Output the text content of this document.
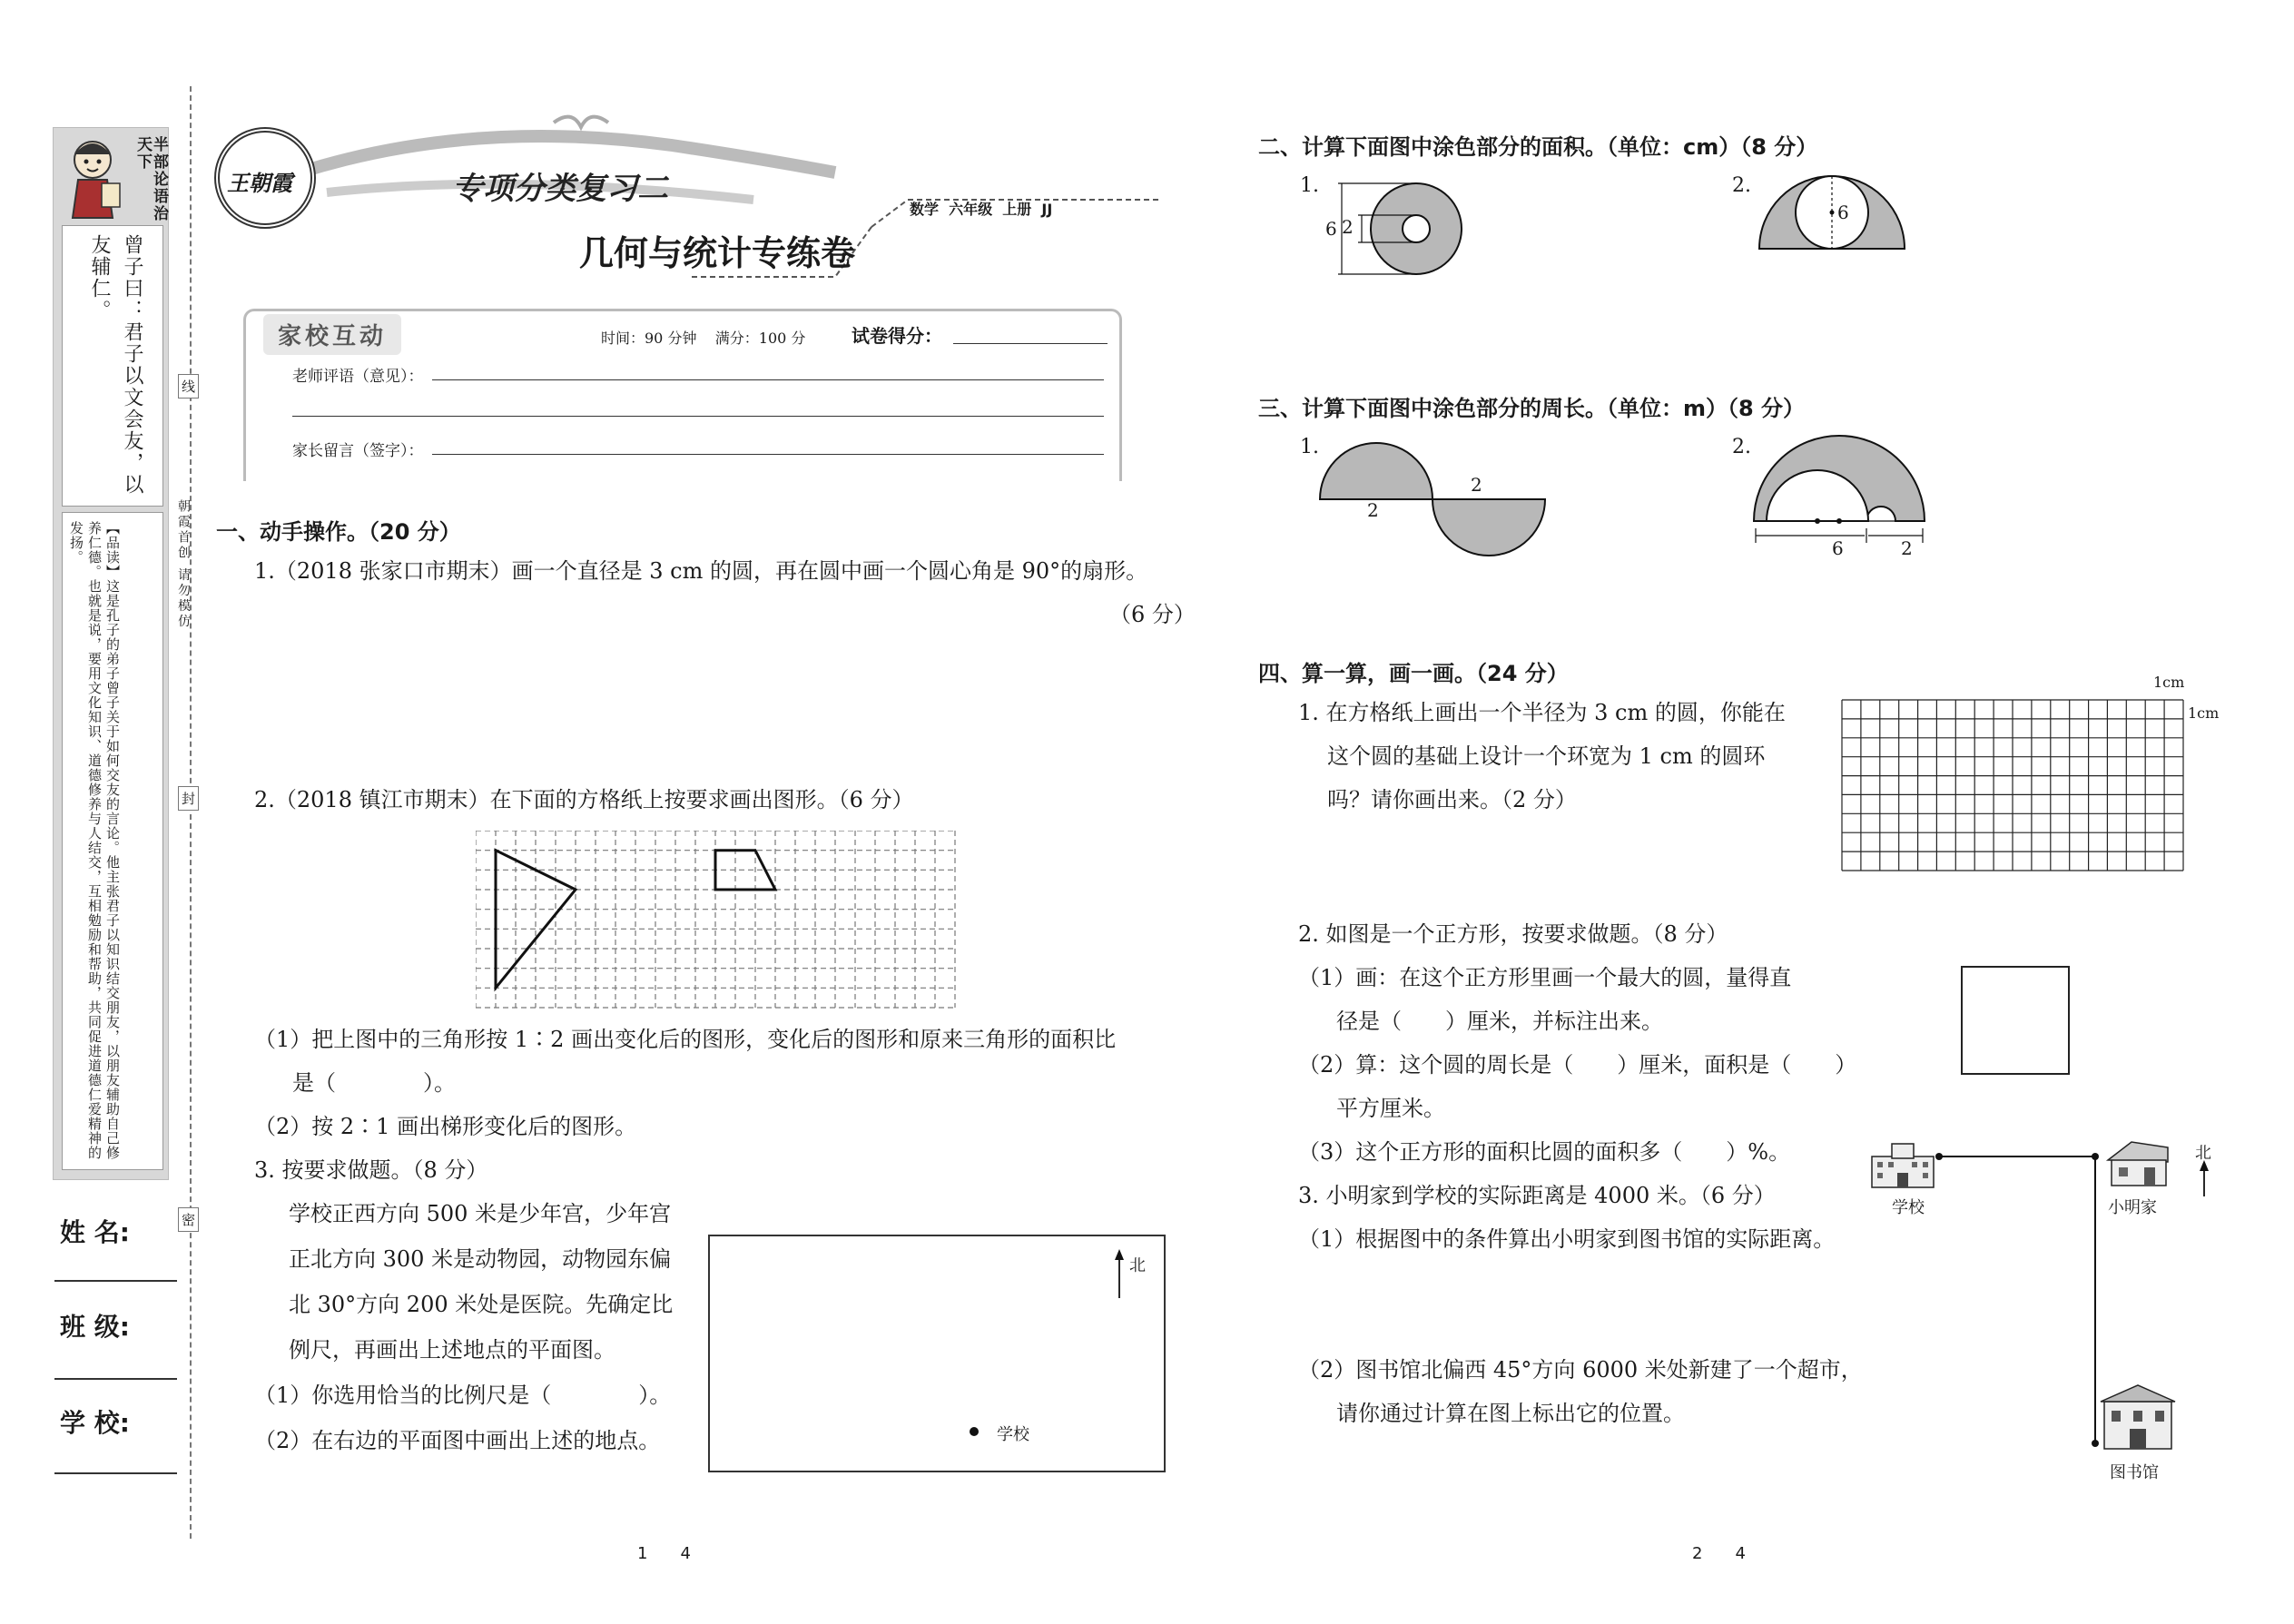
半部论语治天下
曾子曰：君子以文会友，以
友辅仁。
【品读】这是孔子的弟子曾子关于如何交友的言论。他主张君子以知识结交朋友，以朋友辅助自己修养仁德。也就是说，要用文化知识、道德修养与人结交，互相勉励和帮助，共同促进道德仁爱精神的发扬。
线
封
密
朝霞首创 请勿模仿
姓 名:
班 级:
学 校:
王朝霞	专项分类复习二
几何与统计专练卷
数学  六年级  上册  JJ
家校互动	时间：90 分钟    满分：100 分	试卷得分：
老师评语（意见）：
家长留言（签字）：
一、动手操作。（20 分）
1.（2018 张家口市期末）画一个直径是 3 cm 的圆，再在圆中画一个圆心角是 90°的扇形。
（6 分）
2.（2018 镇江市期末）在下面的方格纸上按要求画出图形。（6 分）
（1）把上图中的三角形按 1∶2 画出变化后的图形，变化后的图形和原来三角形的面积比
是（　　　　）。
（2）按 2∶1 画出梯形变化后的图形。
3. 按要求做题。（8 分）
学校正西方向 500 米是少年宫，少年宫
正北方向 300 米是动物园，动物园东偏
北 30°方向 200 米处是医院。先确定比
例尺，再画出上述地点的平面图。
（1）你选用恰当的比例尺是（　　　　）。
（2）在右边的平面图中画出上述的地点。
北
学校
1　　4
二、计算下面图中涂色部分的面积。（单位：cm）（8 分）
1.
6 2
2.
6
三、计算下面图中涂色部分的周长。（单位：m）（8 分）
1.
2
2
2.
6	2
四、算一算，画一画。（24 分）
1. 在方格纸上画出一个半径为 3 cm 的圆，你能在
这个圆的基础上设计一个环宽为 1 cm 的圆环
吗？请你画出来。（2 分）
1cm
1cm
2. 如图是一个正方形，按要求做题。（8 分）
（1）画：在这个正方形里画一个最大的圆，量得直
径是（　　）厘米，并标注出来。
（2）算：这个圆的周长是（　　）厘米，面积是（　　）
平方厘米。
（3）这个正方形的面积比圆的面积多（　　）%。
3. 小明家到学校的实际距离是 4000 米。（6 分）
（1）根据图中的条件算出小明家到图书馆的实际距离。
（2）图书馆北偏西 45°方向 6000 米处新建了一个超市，
请你通过计算在图上标出它的位置。
学校	小明家
北
图书馆
2　　4
